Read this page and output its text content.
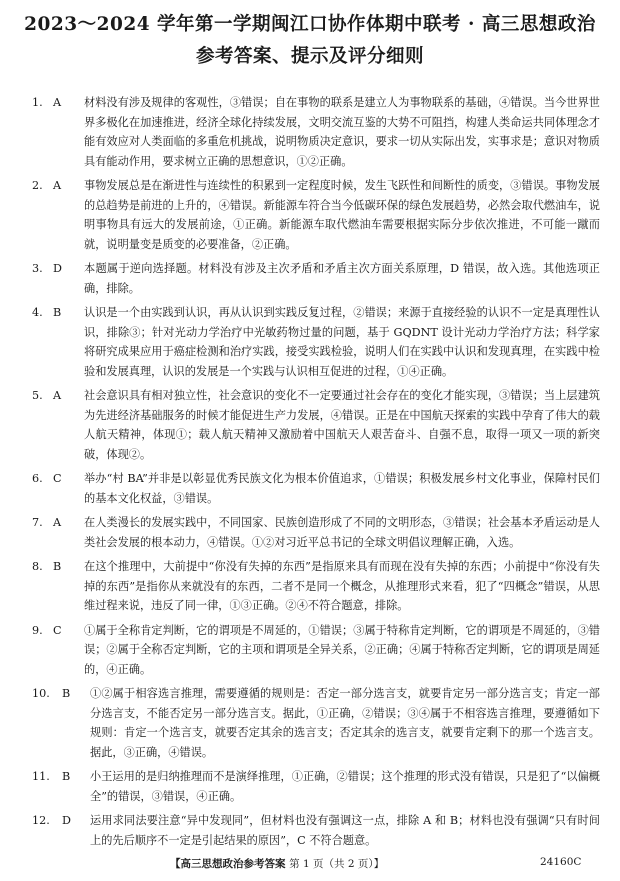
2023～2024 学年第一学期闽江口协作体期中联考 · 高三思想政治
参考答案、提示及评分细则
1. A	材料没有涉及规律的客观性，③错误；自在事物的联系是建立人为事物联系的基础，④错误。当今世界世界多极化在加速推进，经济全球化持续发展，文明交流互鉴的大势不可阻挡，构建人类命运共同体理念才能有效应对人类面临的多重危机挑战，说明物质决定意识，要求一切从实际出发，实事求是；意识对物质具有能动作用，要求树立正确的思想意识，①②正确。
2. A	事物发展总是在渐进性与连续性的积累到一定程度时候，发生飞跃性和间断性的质变，③错误。事物发展的总趋势是前进的上升的，④错误。新能源车符合当今低碳环保的绿色发展趋势，必然会取代燃油车，说明事物具有远大的发展前途，①正确。新能源车取代燃油车需要根据实际分步依次推进，不可能一蹴而就，说明量变是质变的必要准备，②正确。
3. D	本题属于逆向选择题。材料没有涉及主次矛盾和矛盾主次方面关系原理，D 错误，故入选。其他选项正确，排除。
4. B	认识是一个由实践到认识，再从认识到实践反复过程，②错误；来源于直接经验的认识不一定是真理性认识，排除③；针对光动力学治疗中光敏药物过量的问题，基于 GQDNT 设计光动力学治疗方法；科学家将研究成果应用于癌症检测和治疗实践，接受实践检验，说明人们在实践中认识和发现真理，在实践中检验和发展真理，认识的发展是一个实践与认识相互促进的过程，①④正确。
5. A	社会意识具有相对独立性，社会意识的变化不一定要通过社会存在的变化才能实现，③错误；当上层建筑为先进经济基础服务的时候才能促进生产力发展，④错误。正是在中国航天探索的实践中孕育了伟大的载人航天精神，体现①；载人航天精神又激励着中国航天人艰苦奋斗、自强不息，取得一项又一项的新突破，体现②。
6. C	举办“村 BA”并非是以彰显优秀民族文化为根本价值追求，①错误；积极发展乡村文化事业，保障村民们的基本文化权益，③错误。
7. A	在人类漫长的发展实践中，不同国家、民族创造形成了不同的文明形态，③错误；社会基本矛盾运动是人类社会发展的根本动力，④错误。①②对习近平总书记的全球文明倡议理解正确，入选。
8. B	在这个推理中，大前提中“你没有失掉的东西”是指原来具有而现在没有失掉的东西；小前提中“你没有失掉的东西”是指你从来就没有的东西，二者不是同一个概念，从推理形式来看，犯了“四概念”错误，从思维过程来说，违反了同一律，①③正确。②④不符合题意，排除。
9. C	①属于全称肯定判断，它的谓项是不周延的，①错误；③属于特称肯定判断，它的谓项是不周延的，③错误；②属于全称否定判断，它的主项和谓项是全异关系，②正确；④属于特称否定判断，它的谓项是周延的，④正确。
10.	B	①②属于相容选言推理，需要遵循的规则是：否定一部分选言支，就要肯定另一部分选言支；肯定一部分选言支，不能否定另一部分选言支。据此，①正确，②错误；③④属于不相容选言推理，要遵循如下规则：肯定一个选言支，就要否定其余的选言支；否定其余的选言支，就要肯定剩下的那一个选言支。据此，③正确，④错误。
11.	B	小王运用的是归纳推理而不是演绎推理，①正确，②错误；这个推理的形式没有错误，只是犯了“以偏概全”的错误，③错误，④正确。
12.	D	运用求同法要注意“异中发现同”，但材料也没有强调这一点，排除 A 和 B；材料也没有强调“只有时间上的先后顺序不一定是引起结果的原因”，C 不符合题意。
【高三思想政治参考答案 第 1 页（共 2 页）】	24160C
